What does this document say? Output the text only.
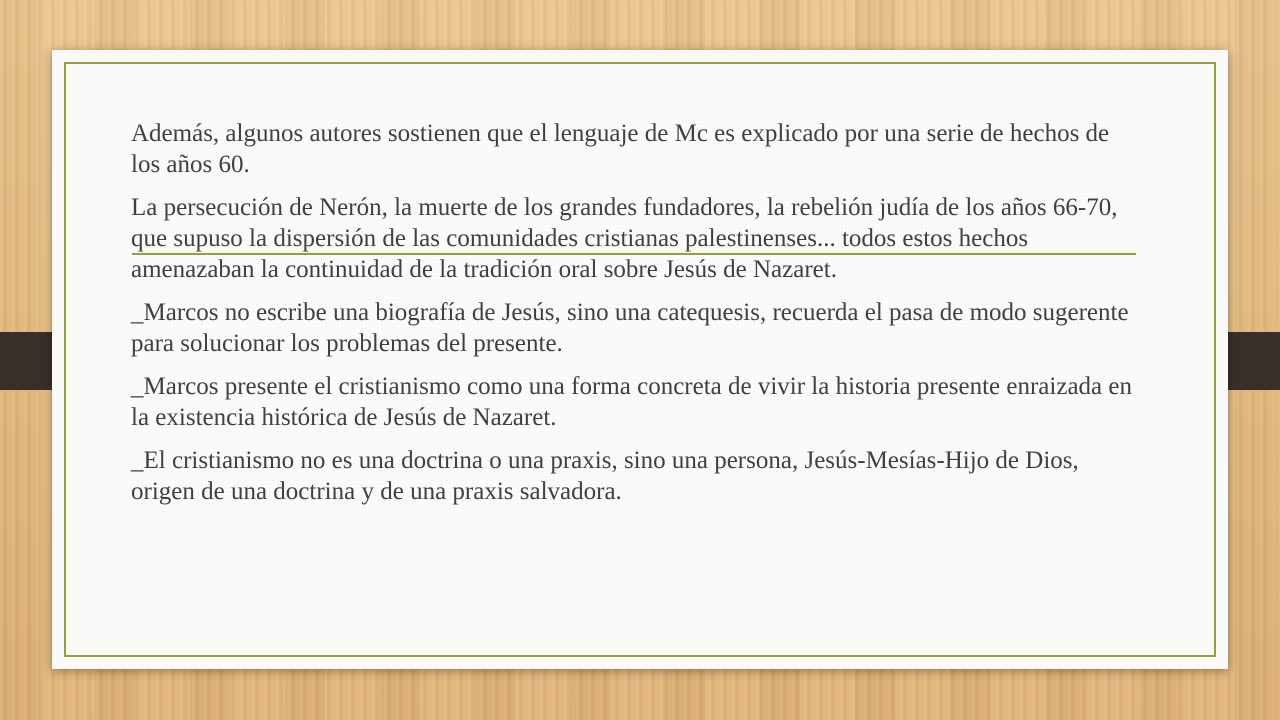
Además, algunos autores sostienen que el lenguaje de Mc es explicado por una serie de hechos de los años 60.

La persecución de Nerón, la muerte de los grandes fundadores, la rebelión judía de los años 66-70, que supuso la dispersión de las comunidades cristianas palestinenses... todos estos hechos amenazaban la continuidad de la tradición oral sobre Jesús de Nazaret.

_Marcos no escribe una biografía de Jesús, sino una catequesis, recuerda el pasa de modo sugerente para solucionar los problemas del presente.

_Marcos presente el cristianismo como una forma concreta de vivir la historia presente enraizada en la existencia histórica de Jesús de Nazaret.

_El cristianismo no es una doctrina o una praxis, sino una persona, Jesús-Mesías-Hijo de Dios, origen de una doctrina y de una praxis salvadora.
